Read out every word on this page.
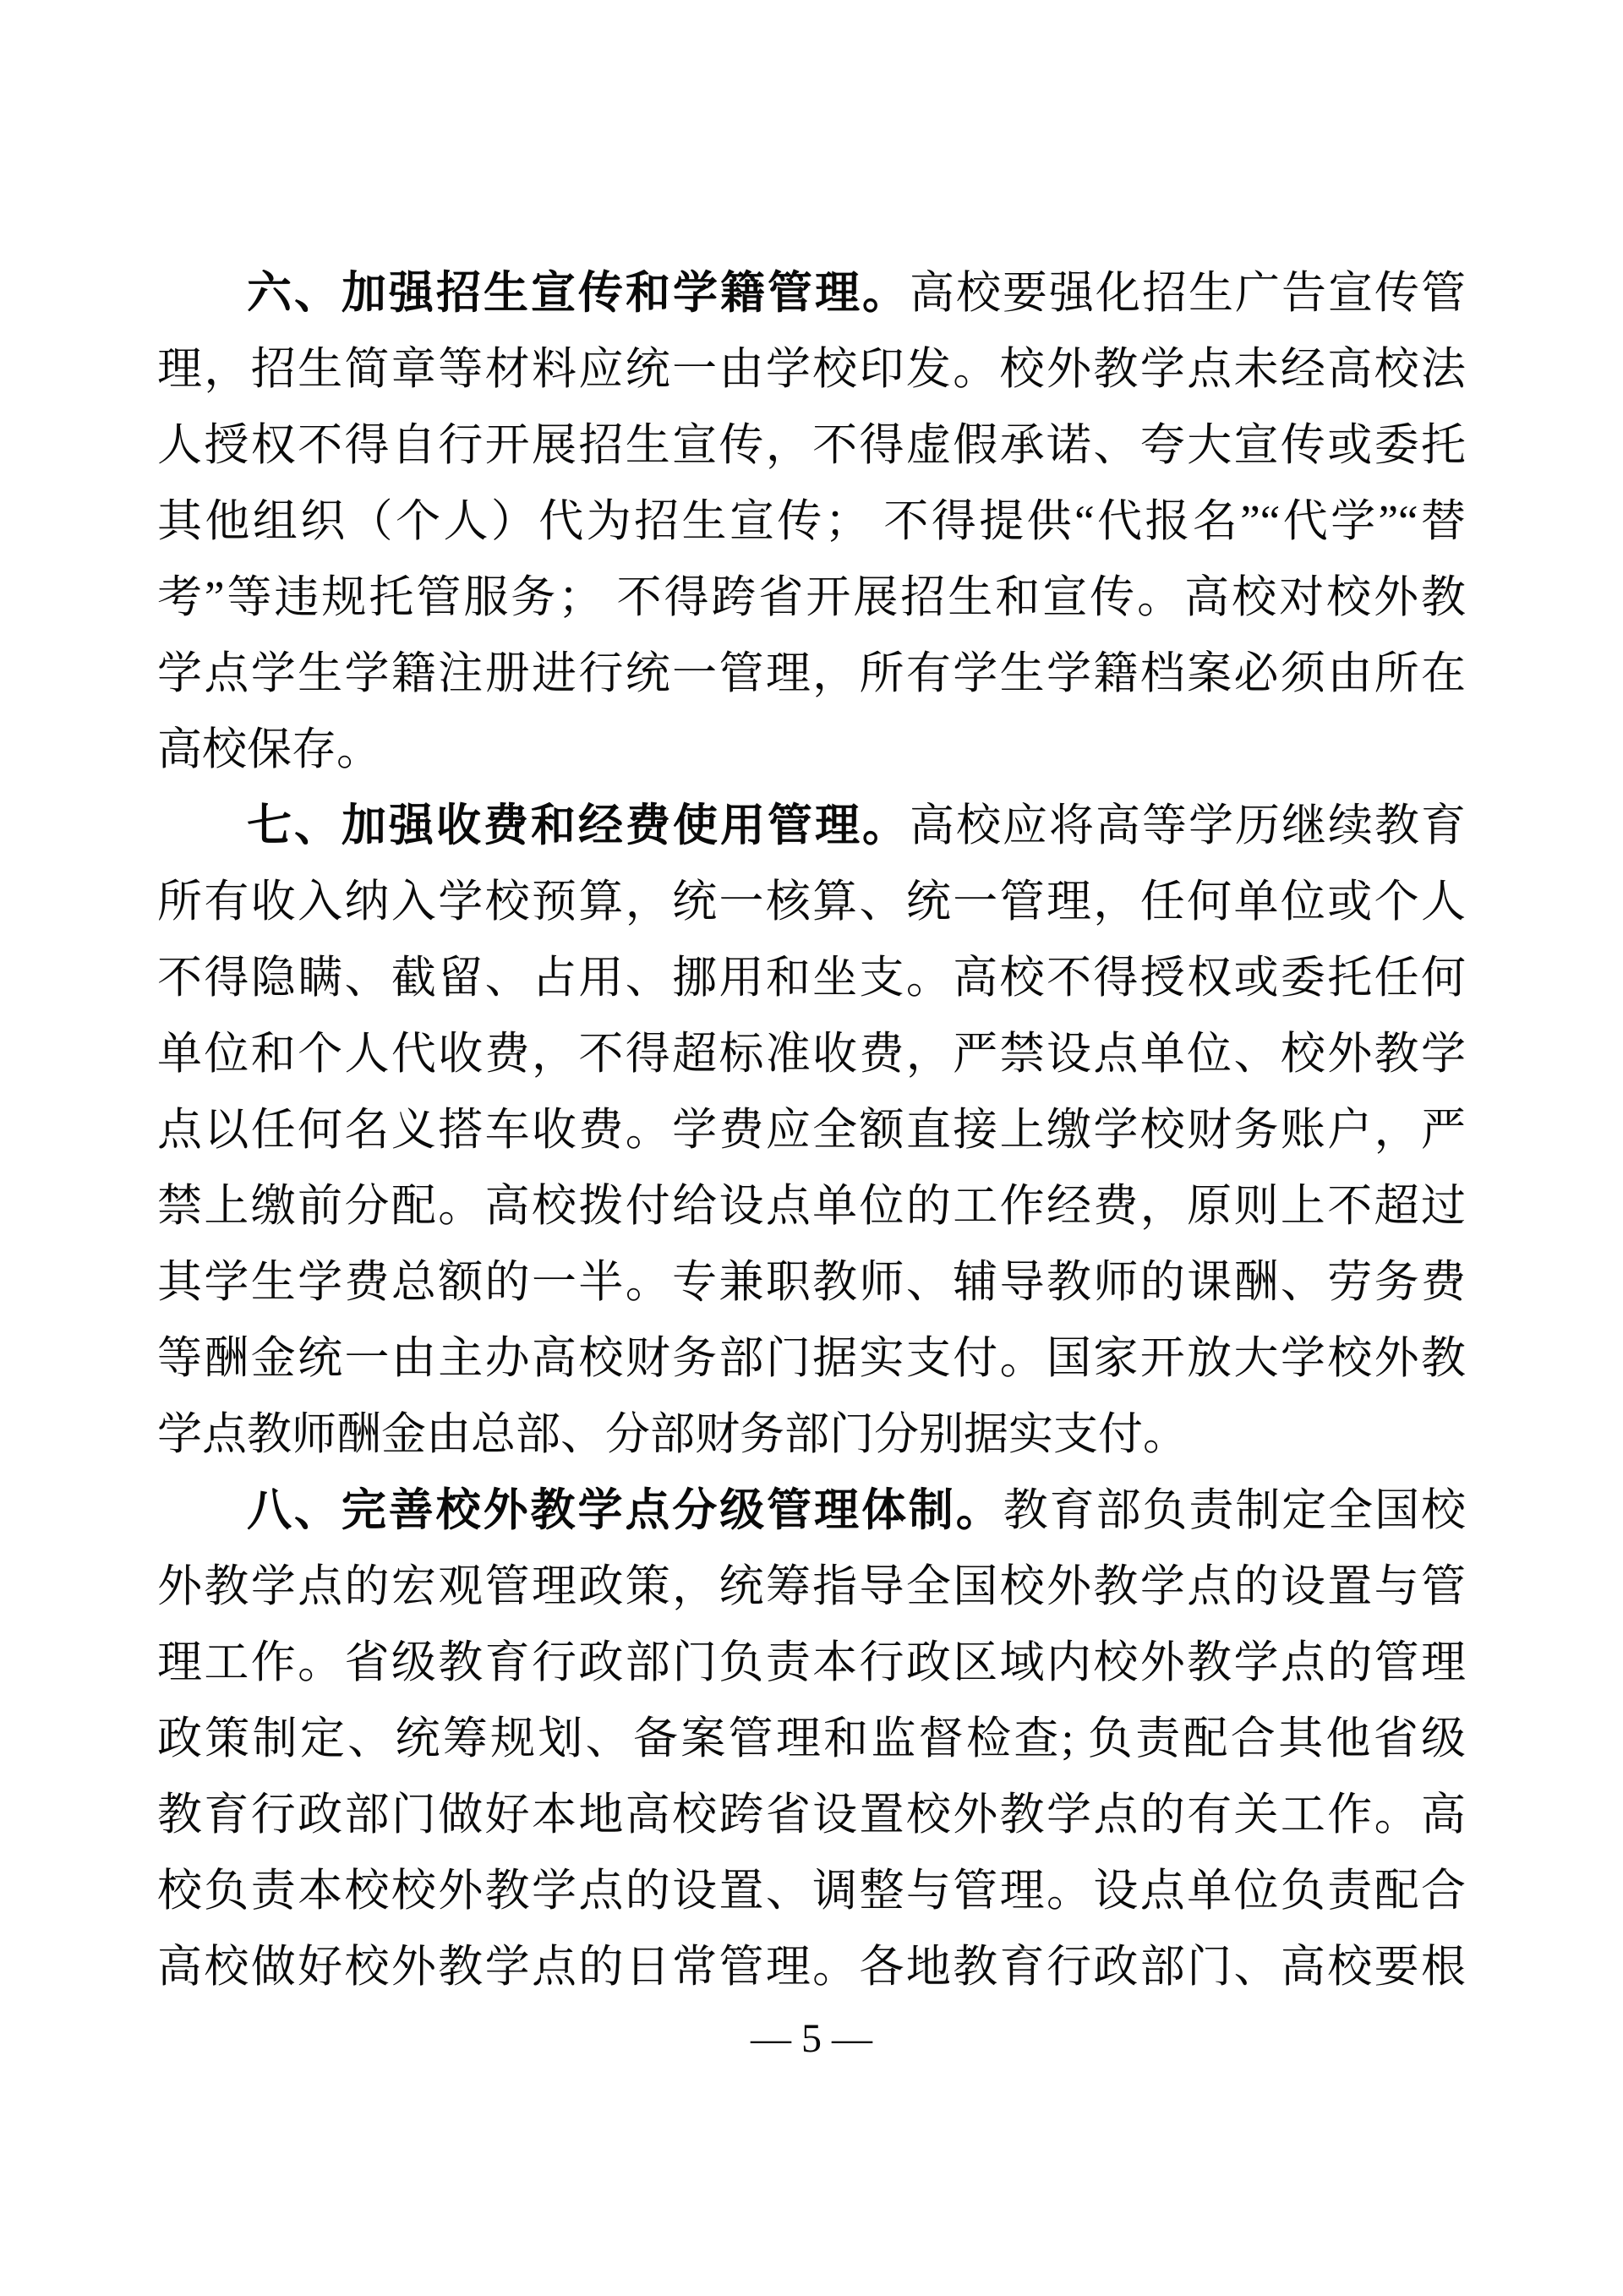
六、加强招生宣传和学籍管理。高校要强化招生广告宣传管

理，招生简章等材料应统一由学校印发。校外教学点未经高校法

人授权不得自行开展招生宣传，不得虚假承诺、夸大宣传或委托

其他组织（个人）代为招生宣传； 不得提供“代报名”“代学”“替

考”等违规托管服务； 不得跨省开展招生和宣传。高校对校外教

学点学生学籍注册进行统一管理，所有学生学籍档案必须由所在

高校保存。

七、加强收费和经费使用管理。高校应将高等学历继续教育

所有收入纳入学校预算，统一核算、统一管理，任何单位或个人

不得隐瞒、截留、占用、挪用和坐支。高校不得授权或委托任何

单位和个人代收费，不得超标准收费，严禁设点单位、校外教学

点以任何名义搭车收费。学费应全额直接上缴学校财务账户，严

禁上缴前分配。高校拨付给设点单位的工作经费，原则上不超过

其学生学费总额的一半。专兼职教师、辅导教师的课酬、劳务费

等酬金统一由主办高校财务部门据实支付。国家开放大学校外教

学点教师酬金由总部、分部财务部门分别据实支付。

八、完善校外教学点分级管理体制。教育部负责制定全国校

外教学点的宏观管理政策，统筹指导全国校外教学点的设置与管

理工作。省级教育行政部门负责本行政区域内校外教学点的管理

政策制定、统筹规划、备案管理和监督检查; 负责配合其他省级

教育行政部门做好本地高校跨省设置校外教学点的有关工作。高

校负责本校校外教学点的设置、调整与管理。设点单位负责配合

高校做好校外教学点的日常管理。各地教育行政部门、高校要根

— 5 —
